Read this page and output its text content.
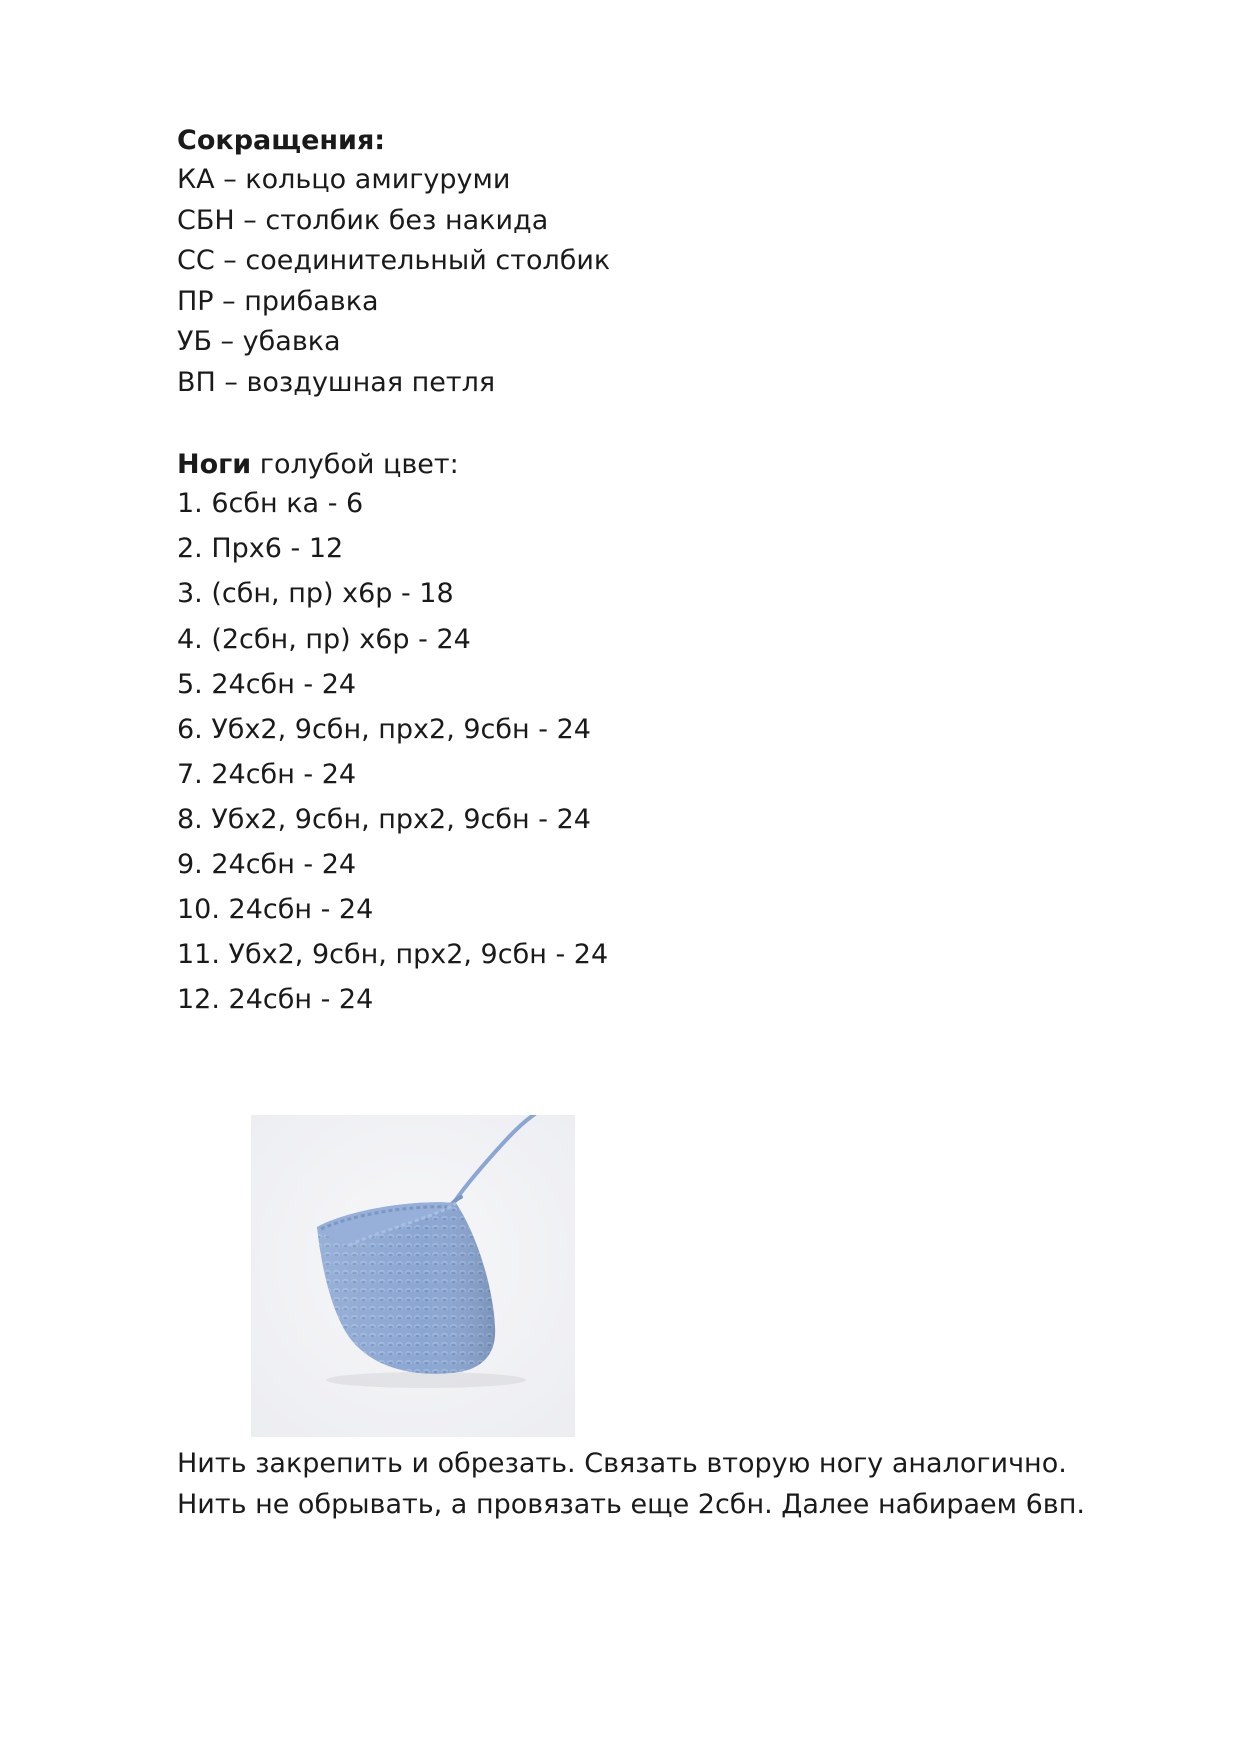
Сокращения:
КА – кольцо амигуруми
СБН – столбик без накида
СС – соединительный столбик
ПР – прибавка
УБ – убавка
ВП – воздушная петля
Ноги голубой цвет:
1. 6сбн ка - 6
2. Прх6 - 12
3. (сбн, пр) х6р - 18
4. (2сбн, пр) х6р - 24
5. 24сбн - 24
6. Убх2, 9сбн, прх2, 9сбн - 24
7. 24сбн - 24
8. Убх2, 9сбн, прх2, 9сбн - 24
9. 24сбн - 24
10. 24сбн - 24
11. Убх2, 9сбн, прх2, 9сбн - 24
12. 24сбн - 24
Нить закрепить и обрезать. Связать вторую ногу аналогично. Нить не обрывать, а провязать еще 2сбн. Далее набираем 6вп.
